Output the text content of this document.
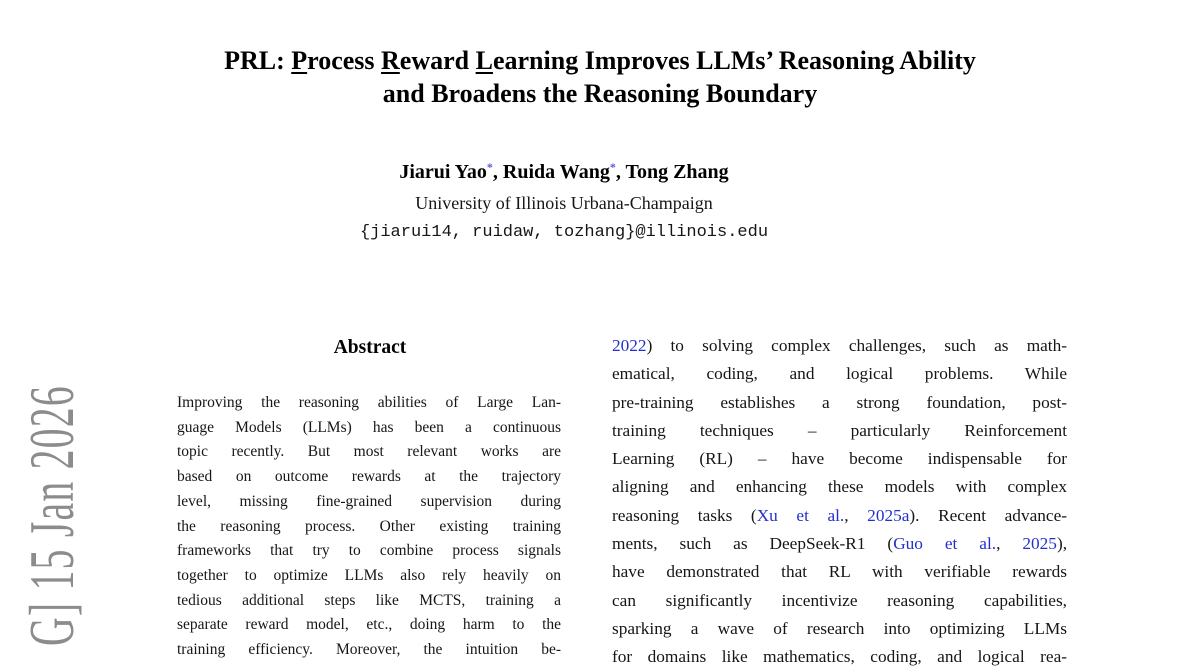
PRL: Process Reward Learning Improves LLMs’ Reasoning Ability
and Broadens the Reasoning Boundary
Jiarui Yao*, Ruida Wang*, Tong Zhang
University of Illinois Urbana-Champaign
{jiarui14, ruidaw, tozhang}@illinois.edu
Abstract
Improving the reasoning abilities of Large Lan-
guage Models (LLMs) has been a continuous
topic recently. But most relevant works are
based on outcome rewards at the trajectory
level, missing fine-grained supervision during
the reasoning process. Other existing training
frameworks that try to combine process signals
together to optimize LLMs also rely heavily on
tedious additional steps like MCTS, training a
separate reward model, etc., doing harm to the
training efficiency. Moreover, the intuition be-
2022) to solving complex challenges, such as math-
ematical, coding, and logical problems. While
pre-training establishes a strong foundation, post-
training techniques – particularly Reinforcement
Learning (RL) – have become indispensable for
aligning and enhancing these models with complex
reasoning tasks (Xu et al., 2025a). Recent advance-
ments, such as DeepSeek-R1 (Guo et al., 2025),
have demonstrated that RL with verifiable rewards
can significantly incentivize reasoning capabilities,
sparking a wave of research into optimizing LLMs
for domains like mathematics, coding, and logical rea-
G] 15 Jan 2026
